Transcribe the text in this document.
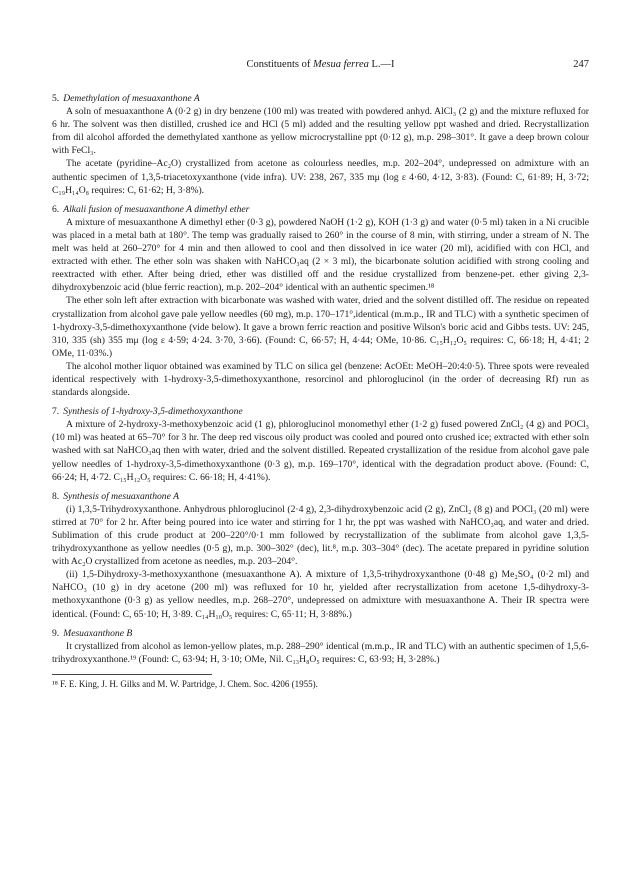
Constituents of Mesua ferrea L.—I	247
5. Demethylation of mesuaxanthone A

A soln of mesuaxanthone A (0·2 g) in dry benzene (100 ml) was treated with powdered anhyd. AlCl₃ (2 g) and the mixture refluxed for 6 hr. The solvent was then distilled, crushed ice and HCl (5 ml) added and the resulting yellow ppt washed and dried. Recrystallization from dil alcohol afforded the demethylated xanthone as yellow microcrystalline ppt (0·12 g), m.p. 298–301°. It gave a deep brown colour with FeCl₃.

The acetate (pyridine–Ac₂O) crystallized from acetone as colourless needles, m.p. 202–204°, undepressed on admixture with an authentic specimen of 1,3,5-triacetoxyxanthone (vide infra). UV: 238, 267, 335 mμ (log ε 4·60, 4·12, 3·83). (Found: C, 61·89; H, 3·72; C₁₉H₁₄O₈ requires: C, 61·62; H, 3·8%).

6. Alkali fusion of mesuaxanthone A dimethyl ether

A mixture of mesuaxanthone A dimethyl ether (0·3 g), powdered NaOH (1·2 g), KOH (1·3 g) and water (0·5 ml) taken in a Ni crucible was placed in a metal bath at 180°. The temp was gradually raised to 260° in the course of 8 min, with stirring, under a stream of N. The melt was held at 260–270° for 4 min and then allowed to cool and then dissolved in ice water (20 ml), acidified with con HCl, and extracted with ether. The ether soln was shaken with NaHCO₃aq (2 × 3 ml), the bicarbonate solution acidified with strong cooling and reextracted with ether. After being dried, ether was distilled off and the residue crystallized from benzene-pet. ether giving 2,3-dihydroxybenzoic acid (blue ferric reaction), m.p. 202–204° identical with an authentic specimen.¹⁸

The ether soln left after extraction with bicarbonate was washed with water, dried and the solvent distilled off. The residue on repeated crystallization from alcohol gave pale yellow needles (60 mg), m.p. 170–171°,identical (m.m.p., IR and TLC) with a synthetic specimen of 1-hydroxy-3,5-dimethoxyxanthone (vide below). It gave a brown ferric reaction and positive Wilson's boric acid and Gibbs tests. UV: 245, 310, 335 (sh) 355 mμ (log ε 4·59; 4·24. 3·70, 3·66). (Found: C, 66·57; H, 4·44; OMe, 10·86. C₁₅H₁₂O₅ requires: C, 66·18; H, 4·41; 2 OMe, 11·03%.)

The alcohol mother liquor obtained was examined by TLC on silica gel (benzene: AcOEt: MeOH–20:4:0·5). Three spots were revealed identical respectively with 1-hydroxy-3,5-dimethoxyxanthone, resorcinol and phloroglucinol (in the order of decreasing Rf) run as standards alongside.

7. Synthesis of 1-hydroxy-3,5-dimethoxyxanthone

A mixture of 2-hydroxy-3-methoxybenzoic acid (1 g), phloroglucinol monomethyl ether (1·2 g) fused powered ZnCl₂ (4 g) and POCl₃ (10 ml) was heated at 65–70° for 3 hr. The deep red viscous oily product was cooled and poured onto crushed ice; extracted with ether soln washed with sat NaHCO₃aq then with water, dried and the solvent distilled. Repeated crystallization of the residue from alcohol gave pale yellow needles of 1-hydroxy-3,5-dimethoxyxanthone (0·3 g), m.p. 169–170°, identical with the degradation product above. (Found: C, 66·24; H, 4·72. C₁₅H₁₂O₅ requires: C. 66·18; H, 4·41%).

8. Synthesis of mesuaxanthone A

(i) 1,3,5-Trihydroxyxanthone. Anhydrous phloroglucinol (2·4 g), 2,3-dihydroxybenzoic acid (2 g), ZnCl₂ (8 g) and POCl₃ (20 ml) were stirred at 70° for 2 hr. After being poured into ice water and stirring for 1 hr, the ppt was washed with NaHCO₃aq, and water and dried. Sublimation of this crude product at 200–220°/0·1 mm followed by recrystallization of the sublimate from alcohol gave 1,3,5-trihydroxyxanthone as yellow needles (0·5 g), m.p. 300–302° (dec), lit.⁸, m.p. 303–304° (dec). The acetate prepared in pyridine solution with Ac₂O crystallized from acetone as needles, m.p. 203–204°.

(ii) 1,5-Dihydroxy-3-methoxyxanthone (mesuaxanthone A). A mixture of 1,3,5-trihydroxyxanthone (0·48 g) Me₂SO₄ (0·2 ml) and NaHCO₃ (10 g) in dry acetone (200 ml) was refluxed for 10 hr, yielded after recrystallization from acetone 1,5-dihydroxy-3-methoxyxanthone (0·3 g) as yellow needles, m.p. 268–270°, undepressed on admixture with mesuaxanthone A. Their IR spectra were identical. (Found: C, 65·10; H, 3·89. C₁₄H₁₀O₅ requires: C, 65·11; H, 3·88%.)

9. Mesuaxanthone B

It crystallized from alcohol as lemon-yellow plates, m.p. 288–290° identical (m.m.p., IR and TLC) with an authentic specimen of 1,5,6-trihydroxyxanthone.¹⁹ (Found: C, 63·94; H, 3·10; OMe, Nil. C₁₃H₈O₅ requires: C, 63·93; H, 3·28%.)

¹⁸ F. E. King, J. H. Gilks and M. W. Partridge, J. Chem. Soc. 4206 (1955).
